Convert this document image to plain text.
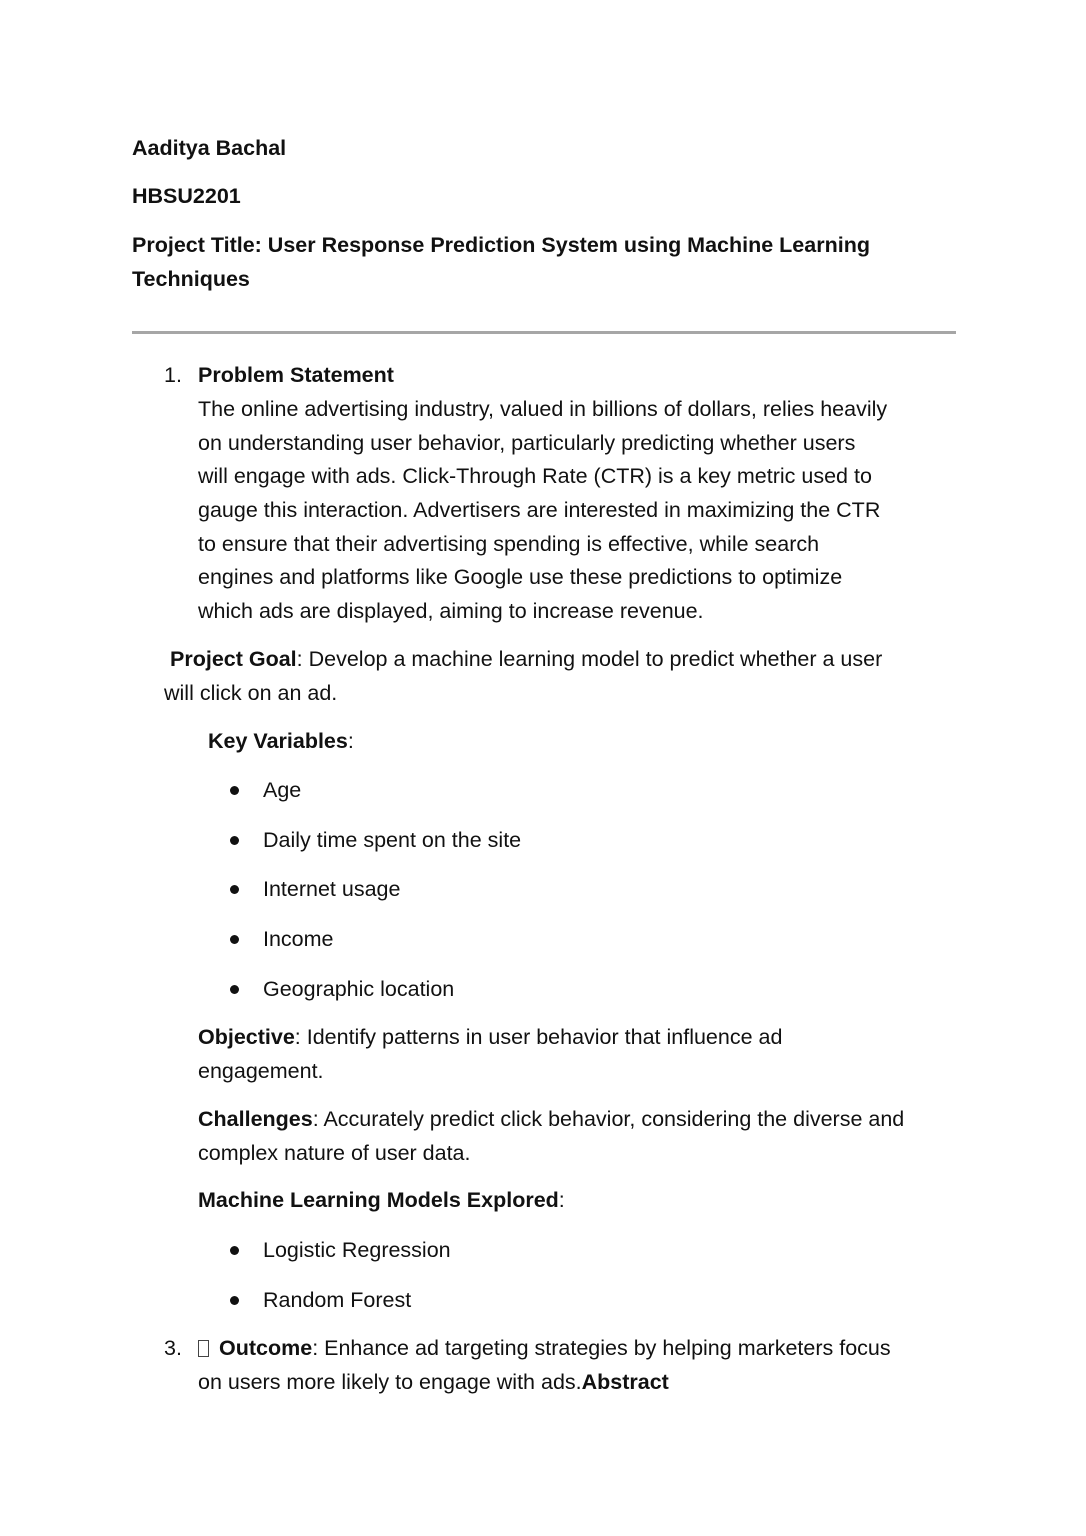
Aaditya Bachal

HBSU2201

Project Title: User Response Prediction System using Machine Learning

Techniques

1. Problem Statement

The online advertising industry, valued in billions of dollars, relies heavily

on understanding user behavior, particularly predicting whether users

will engage with ads. Click-Through Rate (CTR) is a key metric used to

gauge this interaction. Advertisers are interested in maximizing the CTR

to ensure that their advertising spending is effective, while search

engines and platforms like Google use these predictions to optimize

which ads are displayed, aiming to increase revenue.

Project Goal: Develop a machine learning model to predict whether a user

will click on an ad.

Key Variables:

Age
Daily time spent on the site
Internet usage
Income
Geographic location

Objective: Identify patterns in user behavior that influence ad

engagement.

Challenges: Accurately predict click behavior, considering the diverse and

complex nature of user data.

Machine Learning Models Explored:

Logistic Regression
Random Forest
3.	Outcome: Enhance ad targeting strategies by helping marketers focus

on users more likely to engage with ads.Abstract
